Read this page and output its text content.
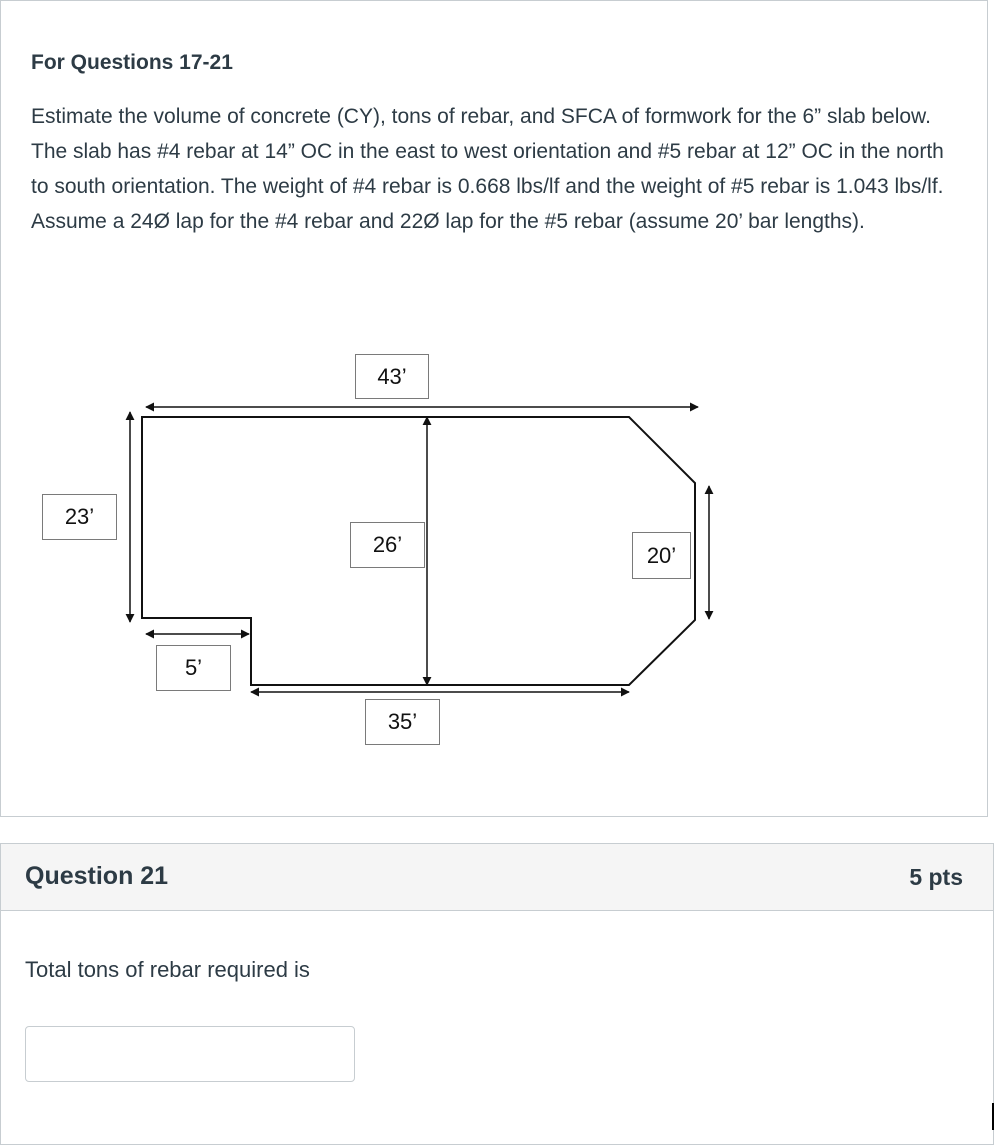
For Questions 17-21

Estimate the volume of concrete (CY), tons of rebar, and SFCA of formwork for the 6” slab below. The slab has #4 rebar at 14” OC in the east to west orientation and #5 rebar at 12” OC in the north to south orientation. The weight of #4 rebar is 0.668 lbs/lf and the weight of #5 rebar is 1.043 lbs/lf. Assume a 24Ø lap for the #4 rebar and 22Ø lap for the #5 rebar (assume 20’ bar lengths).

43’
23’
26’	20’
5’
35’
Question 21	5 pts

Total tons of rebar required is
